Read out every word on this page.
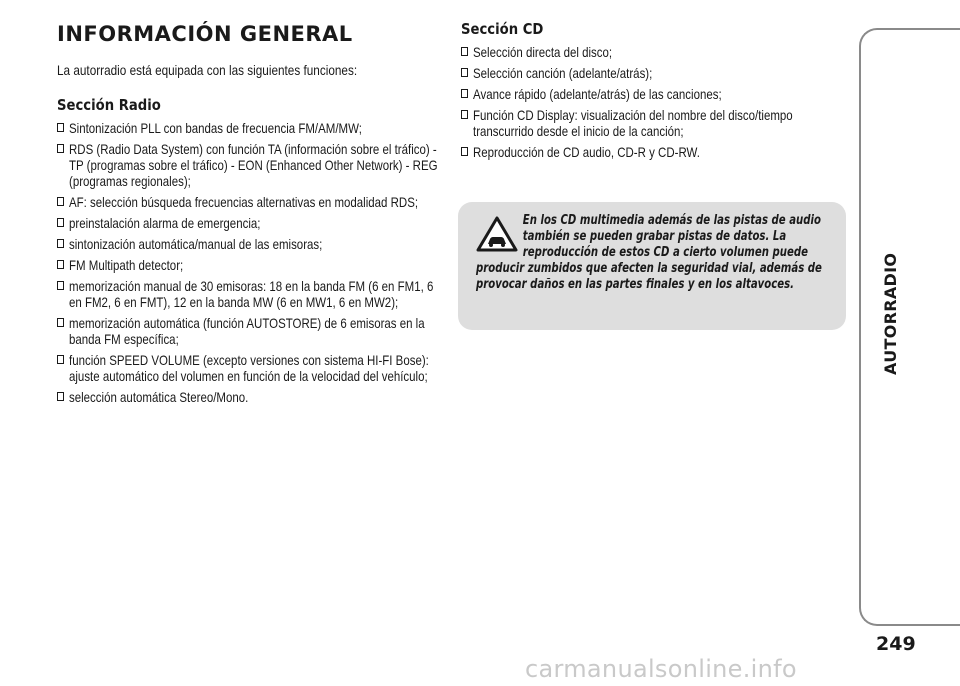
INFORMACIÓN GENERAL
La autorradio está equipada con las siguientes funciones:
Sección Radio
Sintonización PLL con bandas de frecuencia FM/AM/MW;
RDS (Radio Data System) con función TA (información sobre el tráfico) - TP (programas sobre el tráfico) - EON (Enhanced Other Network) - REG (programas regionales);
AF: selección búsqueda frecuencias alternativas en modalidad RDS;
preinstalación alarma de emergencia;
sintonización automática/manual de las emisoras;
FM Multipath detector;
memorización manual de 30 emisoras: 18 en la banda FM (6 en FM1, 6 en FM2, 6 en FMT), 12 en la banda MW (6 en MW1, 6 en MW2);
memorización automática (función AUTOSTORE) de 6 emisoras en la banda FM específica;
función SPEED VOLUME (excepto versiones con sistema HI-FI Bose): ajuste automático del volumen en función de la velocidad del vehículo;
selección automática Stereo/Mono.
Sección CD
Selección directa del disco;
Selección canción (adelante/atrás);
Avance rápido (adelante/atrás) de las canciones;
Función CD Display: visualización del nombre del disco/tiempo transcurrido desde el inicio de la canción;
Reproducción de CD audio, CD-R y CD-RW.
En los CD multimedia además de las pistas de audio también se pueden grabar pistas de datos. La reproducción de estos CD a cierto volumen puede producir zumbidos que afecten la seguridad vial, además de provocar daños en las partes finales y en los altavoces.	AUTORRADIO
249
carmanualsonline.info
